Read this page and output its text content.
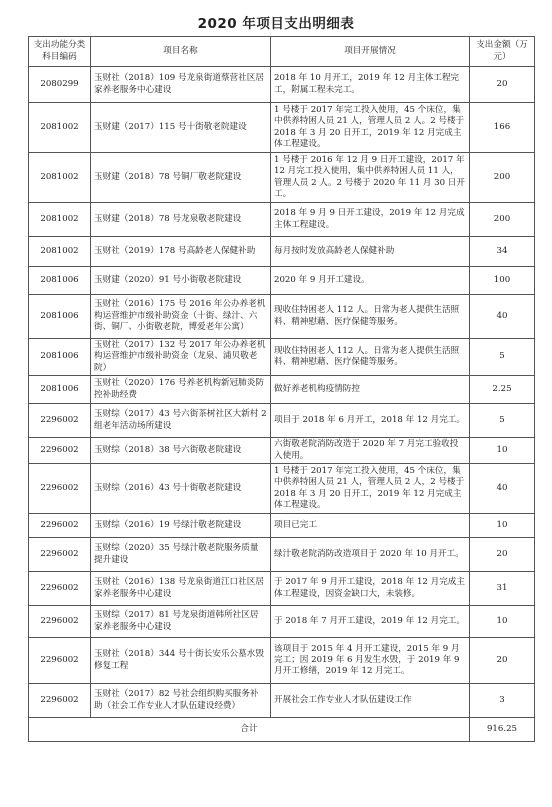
2020 年项目支出明细表
支出功能分类科目编码	项目名称	项目开展情况	支出金额（万元）
2080299	玉财社（2018）109 号龙泉街道蔡营社区居家养老服务中心建设	2018 年 10 月开工，2019 年 12 月主体工程完工，附属工程未完工。	20
2081002	玉财建（2017）115 号十街敬老院建设	1 号楼于 2017 年完工投入使用，45 个床位，集中供养特困人员 21 人，管理人员 2 人。2 号楼于 2018 年 3 月 20 日开工，2019 年 12 月完成主体工程建设。	166
2081002	玉财建（2018）78 号铜厂敬老院建设	1 号楼于 2016 年 12 月 9 日开工建设，2017 年 12 月完工投入使用，集中供养特困人员 11 人，管理人员 2 人。2 号楼于 2020 年 11 月 30 日开工。	200
2081002	玉财建（2018）78 号龙泉敬老院建设	2018 年 9 月 9 日开工建设，2019 年 12 月完成主体工程建设。	200
2081002	玉财社（2019）178 号高龄老人保健补助	每月按时发放高龄老人保健补助	34
2081006	玉财建（2020）91 号小街敬老院建设	2020 年 9 月开工建设。	100
2081006	玉财社（2016）175 号 2016 年公办养老机构运营维护市级补助资金（十街、绿汁、六街、铜厂、小街敬老院，博爱老年公寓）	现收住特困老人 112 人。日常为老人提供生活照料、精神慰藉、医疗保健等服务。	40
2081006	玉财社（2017）132 号 2017 年公办养老机构运营维护市级补助资金（龙泉、浦贝敬老院）	现收住特困老人 112 人。日常为老人提供生活照料、精神慰藉、医疗保健等服务。	5
2081006	玉财社（2020）176 号养老机构新冠肺炎防控补助经费	做好养老机构疫情防控	2.25
2296002	玉财综（2017）43 号六街茶树社区大新村 2 组老年活动场所建设	项目于 2018 年 6 月开工，2018 年 12 月完工。	5
2296002	玉财综（2018）38 号六街敬老院建设	六街敬老院消防改造于 2020 年 7 月完工验收投入使用。	10
2296002	玉财综（2016）43 号十街敬老院建设	1 号楼于 2017 年完工投入使用，45 个床位，集中供养特困人员 21 人，管理人员 2 人，2 号楼于 2018 年 3 月 20 日开工，2019 年 12 月完成主体工程建设。	40
2296002	玉财综（2016）19 号绿汁敬老院建设	项目已完工	10
2296002	玉财综（2020）35 号绿汁敬老院服务质量提升建设	绿汁敬老院消防改造项目于 2020 年 10 月开工。	20
2296002	玉财社（2016）138 号龙泉街道江口社区居家养老服务中心建设	于 2017 年 9 月开工建设，2018 年 12 月完成主体工程建设，因资金缺口大，未装修。	31
2296002	玉财综（2017）81 号龙泉街道韩所社区居家养老服务中心建设	于 2018 年 7 月开工建设，2019 年 12 月完工。	10
2296002	玉财社（2018）344 号十街长安乐公墓水毁修复工程	该项目于 2015 年 4 月开工建设，2015 年 9 月完工；因 2019 年 6 月发生水毁，于 2019 年 9 月开工修缮，2019 年 12 月完工。	20
2296002	玉财社（2017）82 号社会组织购买服务补助（社会工作专业人才队伍建设经费）	开展社会工作专业人才队伍建设工作	3
合计			916.25
